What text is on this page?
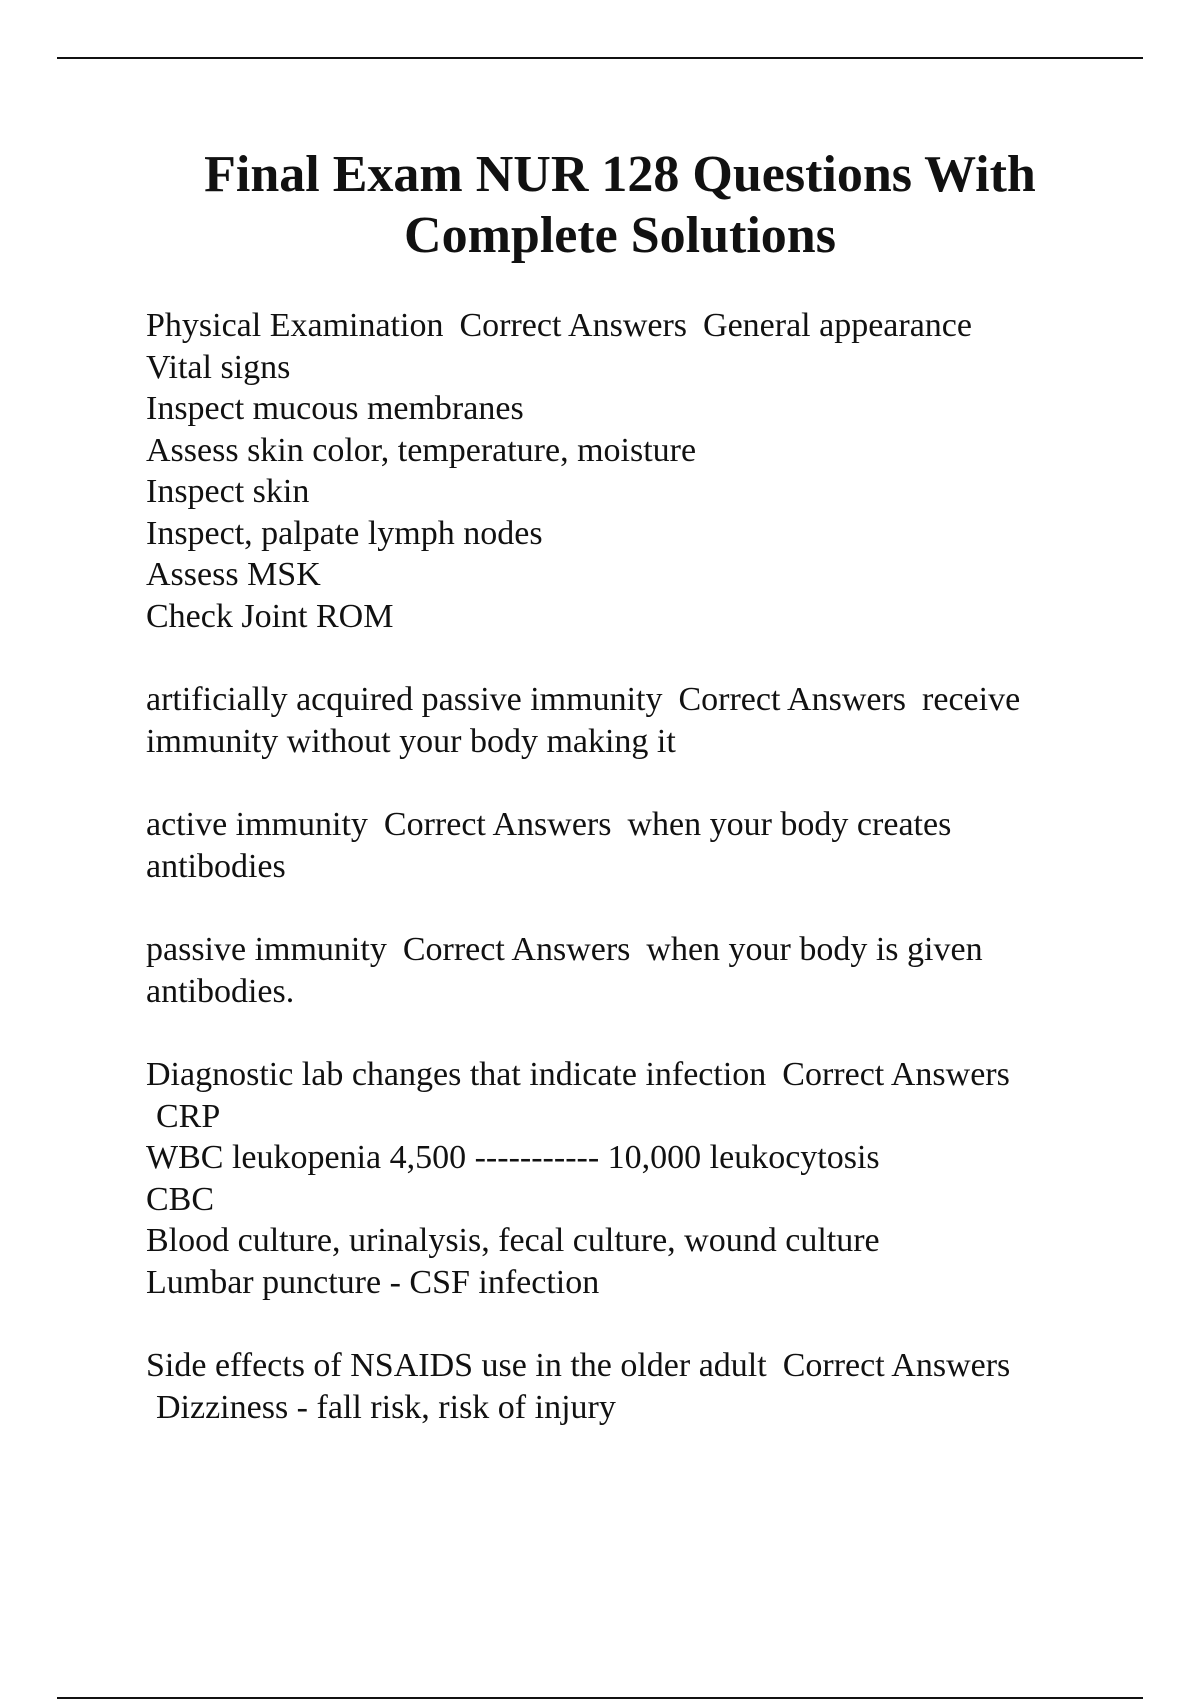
Final Exam NUR 128 Questions With
Complete Solutions
Physical Examination Correct Answers General appearance
Vital signs
Inspect mucous membranes
Assess skin color, temperature, moisture
Inspect skin
Inspect, palpate lymph nodes
Assess MSK
Check Joint ROM
artificially acquired passive immunity Correct Answers receive
immunity without your body making it
active immunity Correct Answers when your body creates
antibodies
passive immunity Correct Answers when your body is given
antibodies.
Diagnostic lab changes that indicate infection Correct Answers
CRP
WBC leukopenia 4,500 ----------- 10,000 leukocytosis
CBC
Blood culture, urinalysis, fecal culture, wound culture
Lumbar puncture - CSF infection
Side effects of NSAIDS use in the older adult Correct Answers
Dizziness - fall risk, risk of injury
